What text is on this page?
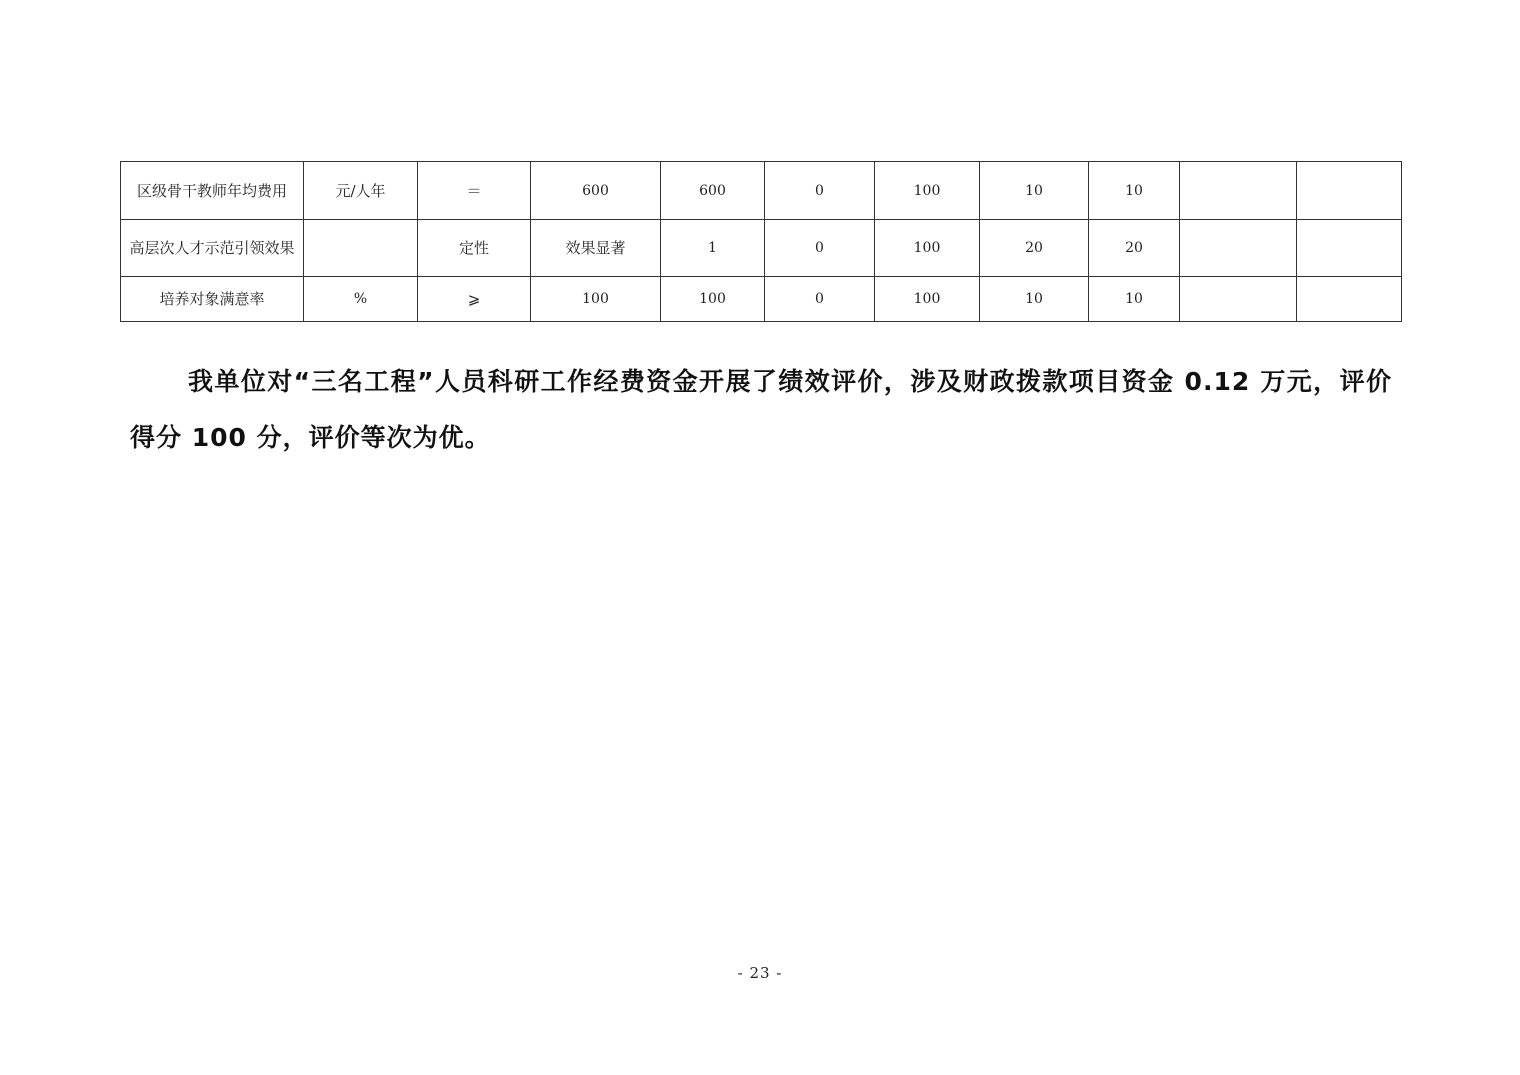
区级骨干教师年均费用	元/人年	＝	600	600	0	100	10	10		
高层次人才示范引领效果		定性	效果显著	1	0	100	20	20		
培养对象满意率	%	⩾	100	100	0	100	10	10		

我单位对“三名工程”人员科研工作经费资金开展了绩效评价，涉及财政拨款项目资金 0.12 万元，评价得分 100 分，评价等次为优。

- 23 -
